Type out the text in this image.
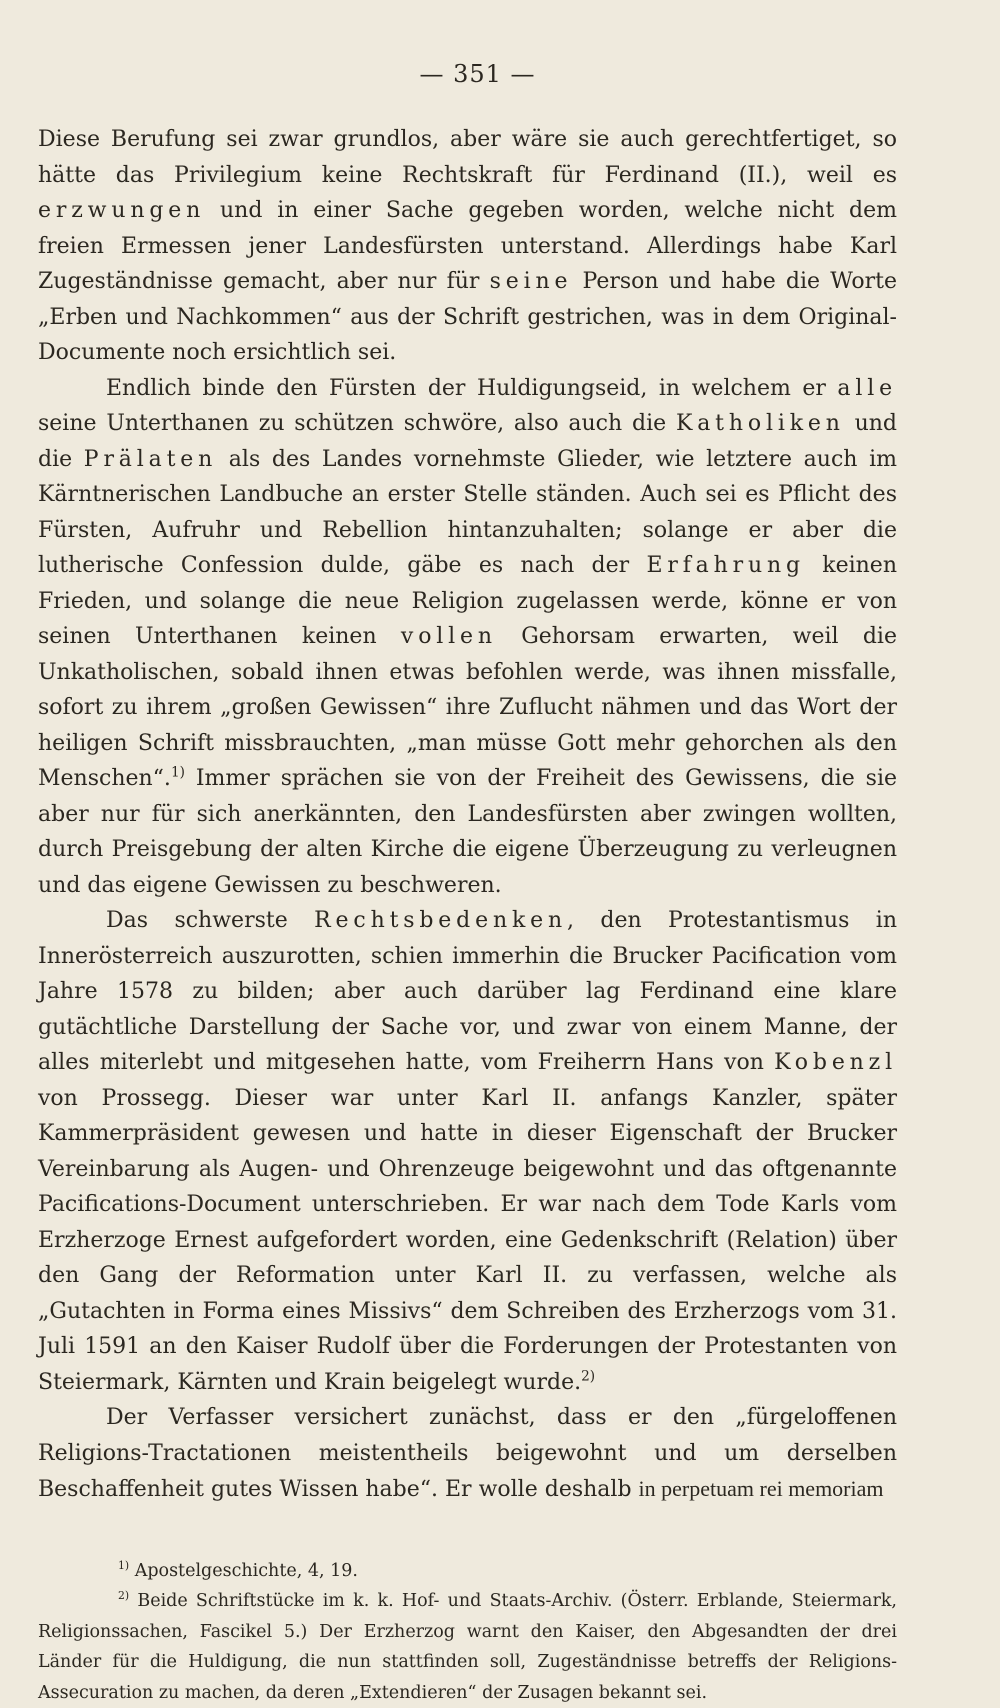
— 351 —

Diese Berufung sei zwar grundlos, aber wäre sie auch gerechtfertiget, so hätte das Privilegium keine Rechtskraft für Ferdinand (II.), weil es erzwungen und in einer Sache gegeben worden, welche nicht dem freien Ermessen jener Landesfürsten unterstand. Allerdings habe Karl Zugeständnisse gemacht, aber nur für seine Person und habe die Worte „Erben und Nachkommen“ aus der Schrift gestrichen, was in dem Original-Documente noch ersichtlich sei.

Endlich binde den Fürsten der Huldigungseid, in welchem er alle seine Unterthanen zu schützen schwöre, also auch die Katholiken und die Prälaten als des Landes vornehmste Glieder, wie letztere auch im Kärntnerischen Landbuche an erster Stelle ständen. Auch sei es Pflicht des Fürsten, Aufruhr und Rebellion hintanzuhalten; solange er aber die lutherische Confession dulde, gäbe es nach der Erfahrung keinen Frieden, und solange die neue Religion zugelassen werde, könne er von seinen Unterthanen keinen vollen Gehorsam erwarten, weil die Unkatholischen, sobald ihnen etwas befohlen werde, was ihnen missfalle, sofort zu ihrem „großen Gewissen“ ihre Zuflucht nähmen und das Wort der heiligen Schrift missbrauchten, „man müsse Gott mehr gehorchen als den Menschen“.$^{1)}$ Immer sprächen sie von der Freiheit des Gewissens, die sie aber nur für sich anerkännten, den Landesfürsten aber zwingen wollten, durch Preisgebung der alten Kirche die eigene Überzeugung zu verleugnen und das eigene Gewissen zu beschweren.

Das schwerste Rechtsbedenken, den Protestantismus in Innerösterreich auszurotten, schien immerhin die Brucker Pacification vom Jahre 1578 zu bilden; aber auch darüber lag Ferdinand eine klare gutächtliche Darstellung der Sache vor, und zwar von einem Manne, der alles miterlebt und mitgesehen hatte, vom Freiherrn Hans von Kobenzl von Prossegg. Dieser war unter Karl II. anfangs Kanzler, später Kammerpräsident gewesen und hatte in dieser Eigenschaft der Brucker Vereinbarung als Augen- und Ohrenzeuge beigewohnt und das oftgenannte Pacifications-Document unterschrieben. Er war nach dem Tode Karls vom Erzherzoge Ernest aufgefordert worden, eine Gedenkschrift (Relation) über den Gang der Reformation unter Karl II. zu verfassen, welche als „Gutachten in Forma eines Missivs“ dem Schreiben des Erzherzogs vom 31. Juli 1591 an den Kaiser Rudolf über die Forderungen der Protestanten von Steiermark, Kärnten und Krain beigelegt wurde.$^{2)}$

Der Verfasser versichert zunächst, dass er den „fürgeloffenen Religions-Tractationen meistentheils beigewohnt und um derselben Beschaffenheit gutes Wissen habe“. Er wolle deshalb in perpetuam rei memoriam

$^{1)}$ Apostelgeschichte, 4, 19.

$^{2)}$ Beide Schriftstücke im k. k. Hof- und Staats-Archiv. (Österr. Erblande, Steiermark, Religionssachen, Fascikel 5.) Der Erzherzog warnt den Kaiser, den Abgesandten der drei Länder für die Huldigung, die nun stattfinden soll, Zugeständnisse betreffs der Religions-Assecuration zu machen, da deren „Extendieren“ der Zusagen bekannt sei.
